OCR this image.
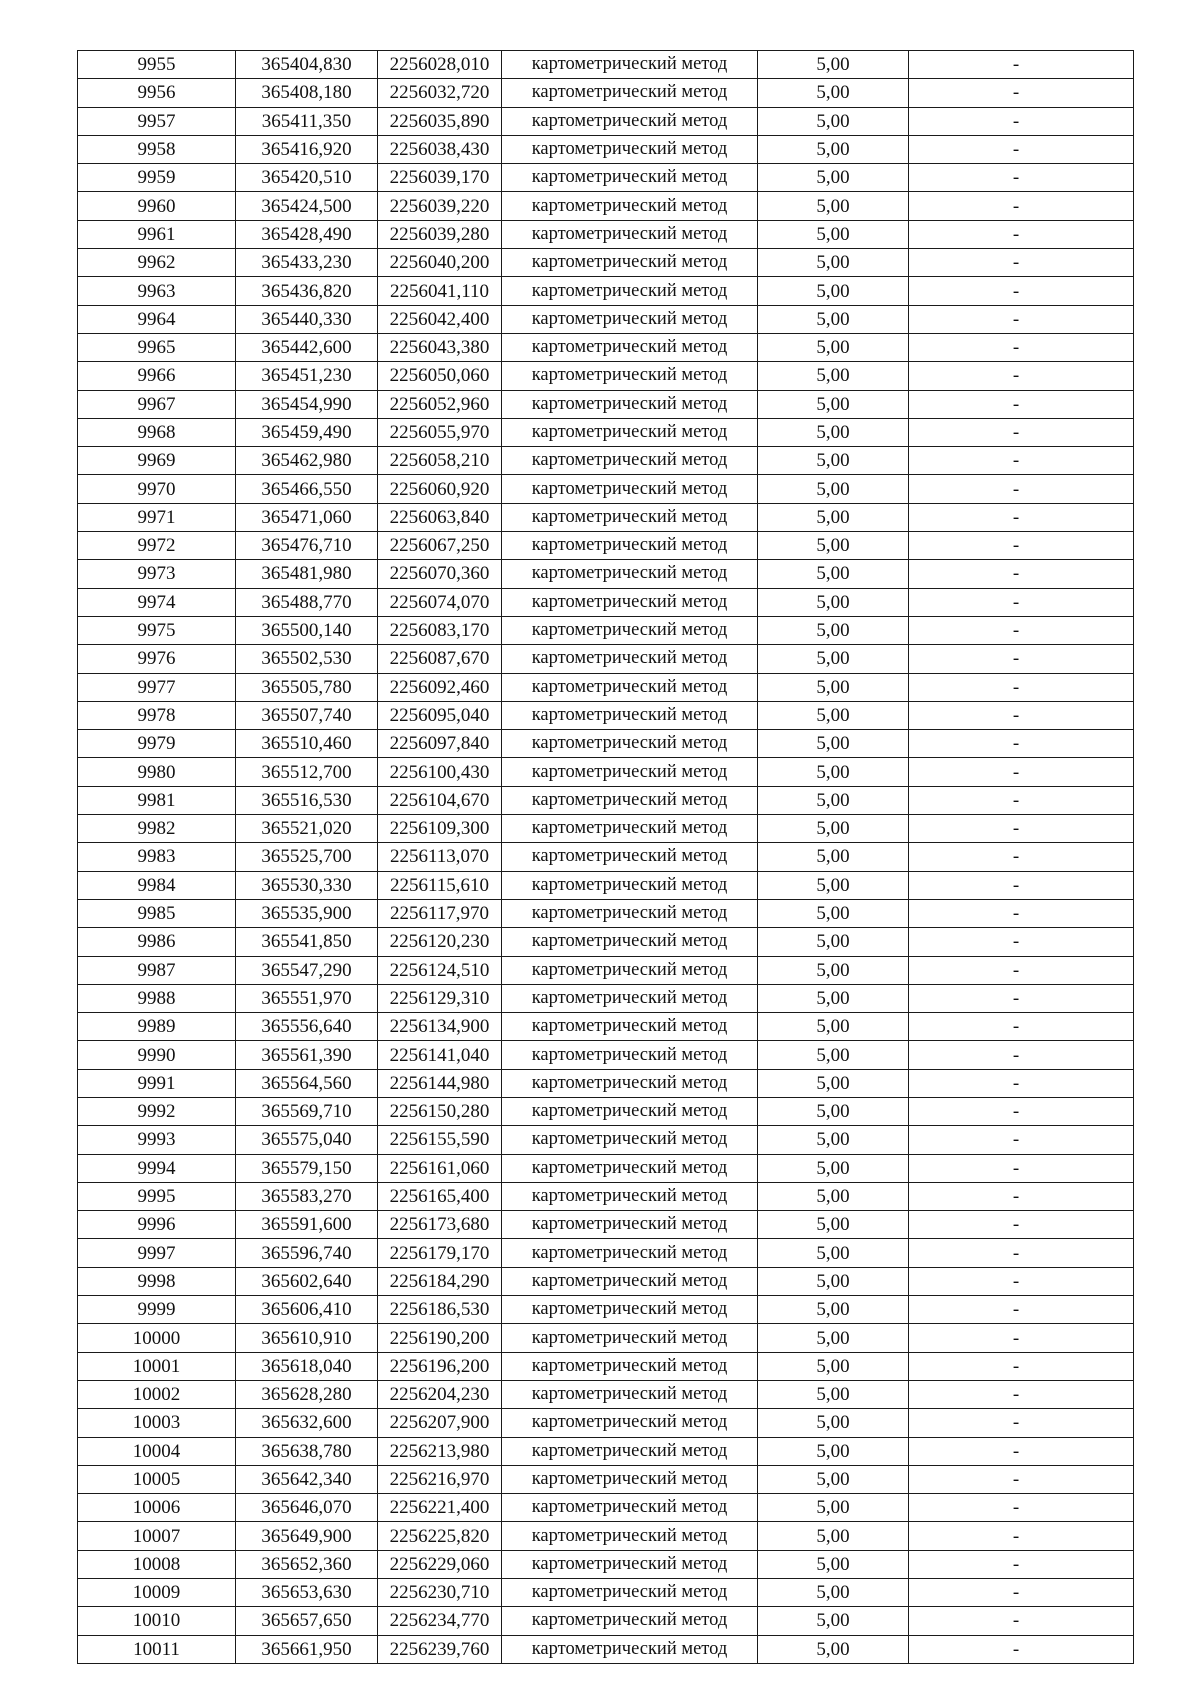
9955	365404,830	2256028,010	картометрический метод	5,00	-
9956	365408,180	2256032,720	картометрический метод	5,00	-
9957	365411,350	2256035,890	картометрический метод	5,00	-
9958	365416,920	2256038,430	картометрический метод	5,00	-
9959	365420,510	2256039,170	картометрический метод	5,00	-
9960	365424,500	2256039,220	картометрический метод	5,00	-
9961	365428,490	2256039,280	картометрический метод	5,00	-
9962	365433,230	2256040,200	картометрический метод	5,00	-
9963	365436,820	2256041,110	картометрический метод	5,00	-
9964	365440,330	2256042,400	картометрический метод	5,00	-
9965	365442,600	2256043,380	картометрический метод	5,00	-
9966	365451,230	2256050,060	картометрический метод	5,00	-
9967	365454,990	2256052,960	картометрический метод	5,00	-
9968	365459,490	2256055,970	картометрический метод	5,00	-
9969	365462,980	2256058,210	картометрический метод	5,00	-
9970	365466,550	2256060,920	картометрический метод	5,00	-
9971	365471,060	2256063,840	картометрический метод	5,00	-
9972	365476,710	2256067,250	картометрический метод	5,00	-
9973	365481,980	2256070,360	картометрический метод	5,00	-
9974	365488,770	2256074,070	картометрический метод	5,00	-
9975	365500,140	2256083,170	картометрический метод	5,00	-
9976	365502,530	2256087,670	картометрический метод	5,00	-
9977	365505,780	2256092,460	картометрический метод	5,00	-
9978	365507,740	2256095,040	картометрический метод	5,00	-
9979	365510,460	2256097,840	картометрический метод	5,00	-
9980	365512,700	2256100,430	картометрический метод	5,00	-
9981	365516,530	2256104,670	картометрический метод	5,00	-
9982	365521,020	2256109,300	картометрический метод	5,00	-
9983	365525,700	2256113,070	картометрический метод	5,00	-
9984	365530,330	2256115,610	картометрический метод	5,00	-
9985	365535,900	2256117,970	картометрический метод	5,00	-
9986	365541,850	2256120,230	картометрический метод	5,00	-
9987	365547,290	2256124,510	картометрический метод	5,00	-
9988	365551,970	2256129,310	картометрический метод	5,00	-
9989	365556,640	2256134,900	картометрический метод	5,00	-
9990	365561,390	2256141,040	картометрический метод	5,00	-
9991	365564,560	2256144,980	картометрический метод	5,00	-
9992	365569,710	2256150,280	картометрический метод	5,00	-
9993	365575,040	2256155,590	картометрический метод	5,00	-
9994	365579,150	2256161,060	картометрический метод	5,00	-
9995	365583,270	2256165,400	картометрический метод	5,00	-
9996	365591,600	2256173,680	картометрический метод	5,00	-
9997	365596,740	2256179,170	картометрический метод	5,00	-
9998	365602,640	2256184,290	картометрический метод	5,00	-
9999	365606,410	2256186,530	картометрический метод	5,00	-
10000	365610,910	2256190,200	картометрический метод	5,00	-
10001	365618,040	2256196,200	картометрический метод	5,00	-
10002	365628,280	2256204,230	картометрический метод	5,00	-
10003	365632,600	2256207,900	картометрический метод	5,00	-
10004	365638,780	2256213,980	картометрический метод	5,00	-
10005	365642,340	2256216,970	картометрический метод	5,00	-
10006	365646,070	2256221,400	картометрический метод	5,00	-
10007	365649,900	2256225,820	картометрический метод	5,00	-
10008	365652,360	2256229,060	картометрический метод	5,00	-
10009	365653,630	2256230,710	картометрический метод	5,00	-
10010	365657,650	2256234,770	картометрический метод	5,00	-
10011	365661,950	2256239,760	картометрический метод	5,00	-
